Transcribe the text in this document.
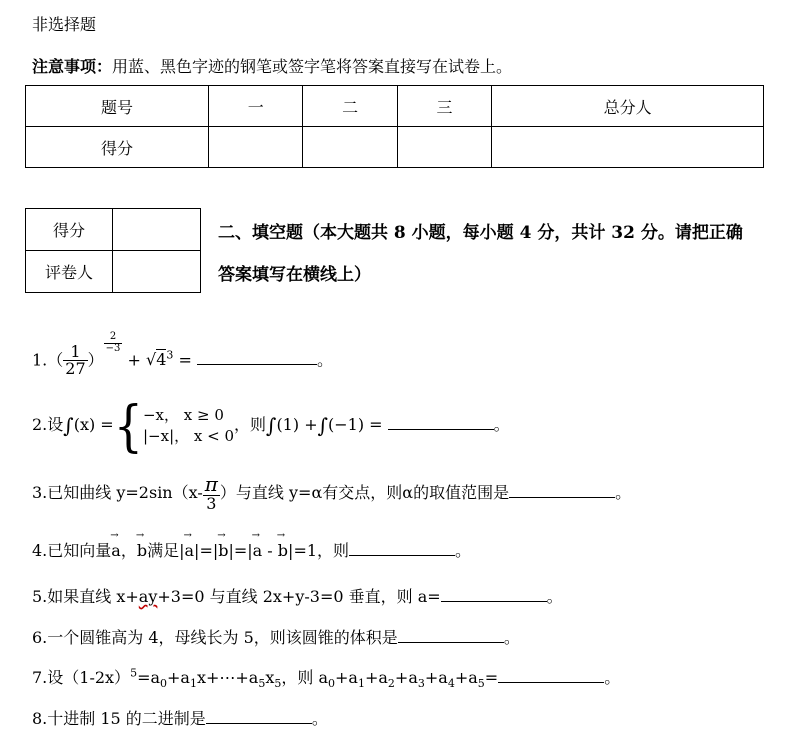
非选择题
注意事项：用蓝、黑色字迹的钢笔或签字笔将答案直接写在试卷上。
题号	一	二	三	总分人
得分				
得分	
评卷人	
二、填空题（本大题共 8 小题，每小题 4 分，共计 32 分。请把正确
答案填写在横线上）
$1.( \frac{1}{27}$ ）
$\frac{2}{-3}$
+ $√4^3$ =	。
2.设∫(x) ={ −x， x ≥ 0
|−x|， x < 0
，则∫(1) +∫(−1) =	。
3.已知曲线 $y=2\sin(x- \frac{\pi}{3}$ ）与直线 y=α有交点，则α的取值范围是	。
4.已知向量→ a，→ b满足|→ a|=|→ b|=|→ a - → b|=1，则	。
5.如果直线 x+ay+3=0 与直线 2x+y-3=0 垂直，则 a=	。
6.一个圆锥高为 4，母线长为 5，则该圆锥的体积是	。
7.设$(1-2x)^5=a_0+a_1x+\cdots+a_5x_5$，则 $a_0+a_1+a_2+a_3+a_4+a_5=$	。
8.十进制 15 的二进制是	。
